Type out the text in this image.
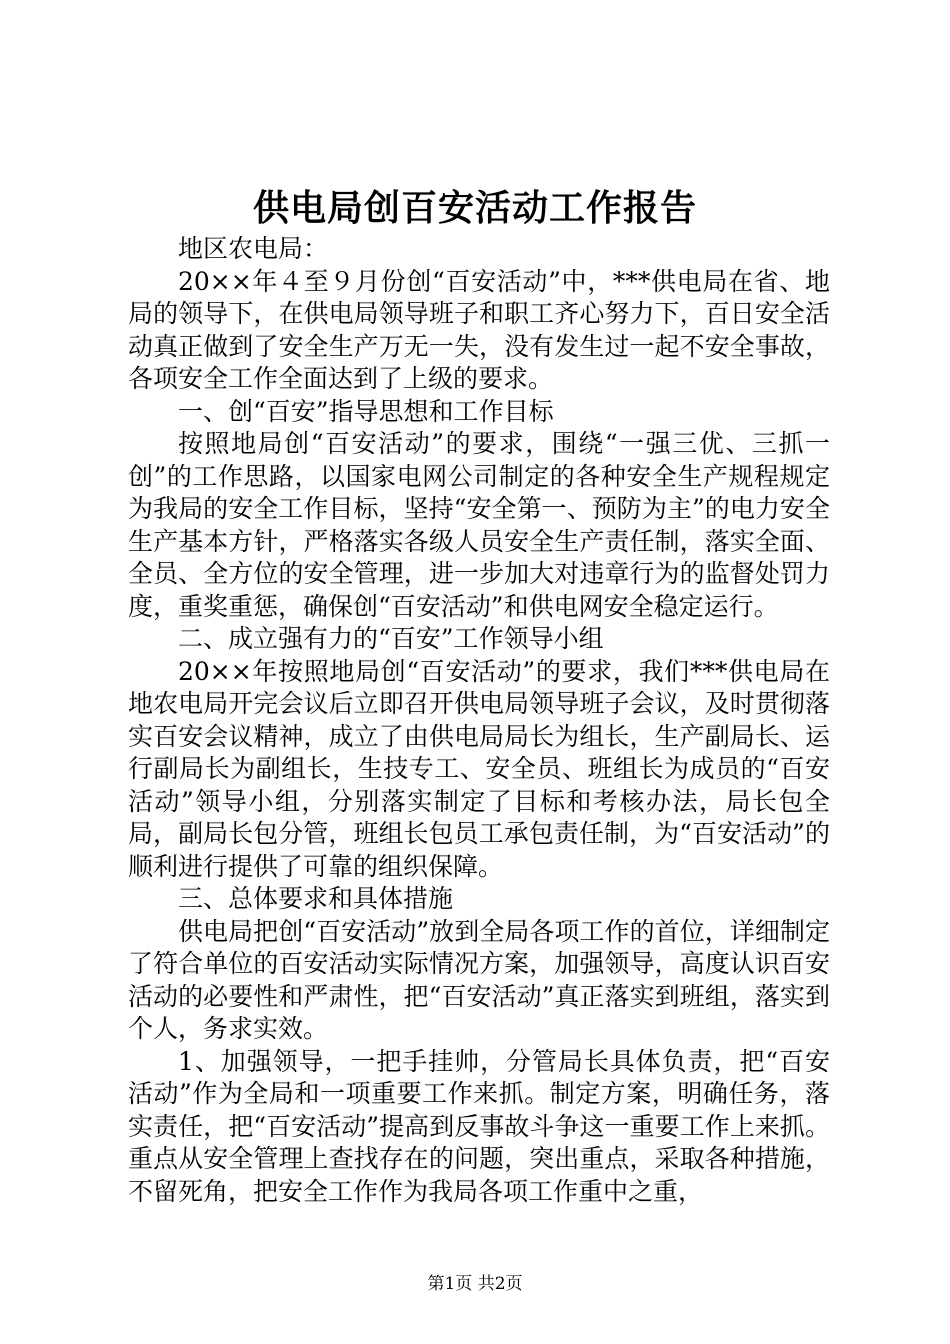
供电局创百安活动工作报告

地区农电局：

20××年４至９月份创“百安活动”中，***供电局在省、地局的领导下，在供电局领导班子和职工齐心努力下，百日安全活动真正做到了安全生产万无一失，没有发生过一起不安全事故，各项安全工作全面达到了上级的要求。

一、创“百安”指导思想和工作目标

按照地局创“百安活动”的要求，围绕“一强三优、三抓一创”的工作思路，以国家电网公司制定的各种安全生产规程规定为我局的安全工作目标，坚持“安全第一、预防为主”的电力安全生产基本方针，严格落实各级人员安全生产责任制，落实全面、全员、全方位的安全管理，进一步加大对违章行为的监督处罚力度，重奖重惩，确保创“百安活动”和供电网安全稳定运行。

二、成立强有力的“百安”工作领导小组

20××年按照地局创“百安活动”的要求，我们***供电局在地农电局开完会议后立即召开供电局领导班子会议，及时贯彻落实百安会议精神，成立了由供电局局长为组长，生产副局长、运行副局长为副组长，生技专工、安全员、班组长为成员的“百安活动”领导小组，分别落实制定了目标和考核办法，局长包全局，副局长包分管，班组长包员工承包责任制，为“百安活动”的顺利进行提供了可靠的组织保障。

三、总体要求和具体措施

供电局把创“百安活动”放到全局各项工作的首位，详细制定了符合单位的百安活动实际情况方案，加强领导，高度认识百安活动的必要性和严肃性，把“百安活动”真正落实到班组，落实到个人，务求实效。

1、加强领导，一把手挂帅，分管局长具体负责，把“百安活动”作为全局和一项重要工作来抓。制定方案，明确任务，落实责任，把“百安活动”提高到反事故斗争这一重要工作上来抓。重点从安全管理上查找存在的问题，突出重点，采取各种措施，不留死角，把安全工作作为我局各项工作重中之重，

第1页 共2页
